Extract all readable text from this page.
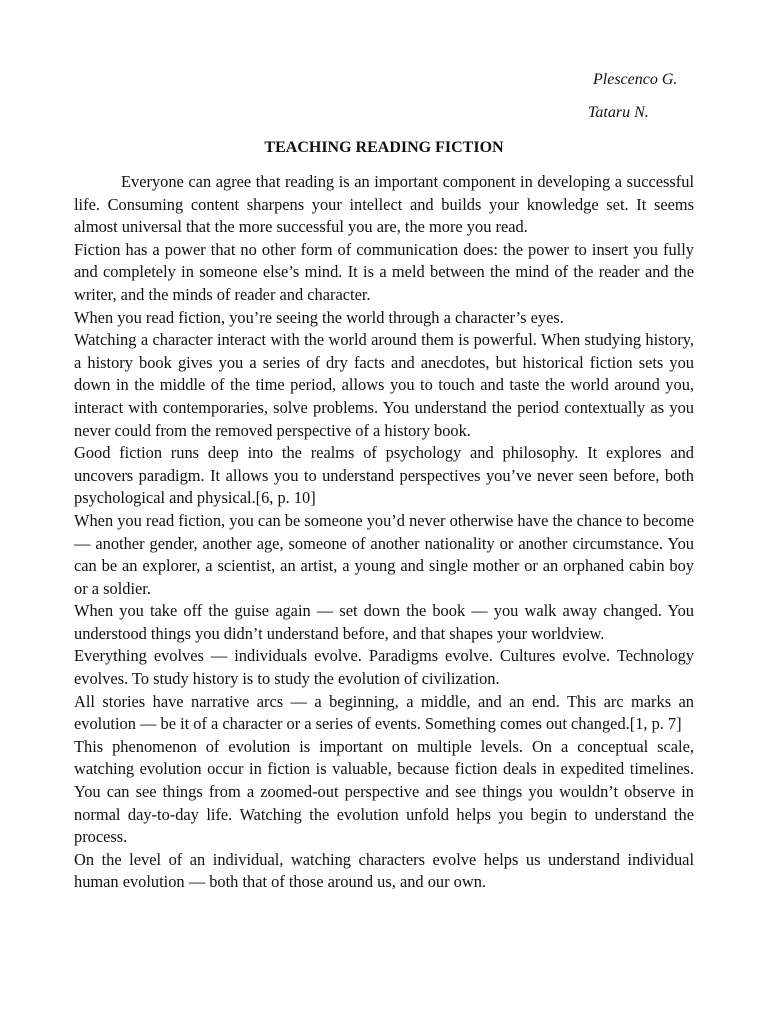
Plescenco G.
Tataru N.
TEACHING READING FICTION

Everyone can agree that reading is an important component in developing a successful life. Consuming content sharpens your intellect and builds your knowledge set. It seems almost universal that the more successful you are, the more you read.

Fiction has a power that no other form of communication does: the power to insert you fully and completely in someone else’s mind. It is a meld between the mind of the reader and the writer, and the minds of reader and character.

When you read fiction, you’re seeing the world through a character’s eyes.

Watching a character interact with the world around them is powerful. When studying history, a history book gives you a series of dry facts and anecdotes, but historical fiction sets you down in the middle of the time period, allows you to touch and taste the world around you, interact with contemporaries, solve problems. You understand the period contextually as you never could from the removed perspective of a history book.

Good fiction runs deep into the realms of psychology and philosophy. It explores and uncovers paradigm. It allows you to understand perspectives you’ve never seen before, both psychological and physical.[6, p. 10]

When you read fiction, you can be someone you’d never otherwise have the chance to become — another gender, another age, someone of another nationality or another circumstance. You can be an explorer, a scientist, an artist, a young and single mother or an orphaned cabin boy or a soldier.

When you take off the guise again — set down the book — you walk away changed. You understood things you didn’t understand before, and that shapes your worldview.

Everything evolves — individuals evolve. Paradigms evolve. Cultures evolve. Technology evolves. To study history is to study the evolution of civilization.

All stories have narrative arcs — a beginning, a middle, and an end. This arc marks an evolution — be it of a character or a series of events. Something comes out changed.[1, p. 7]

This phenomenon of evolution is important on multiple levels. On a conceptual scale, watching evolution occur in fiction is valuable, because fiction deals in expedited timelines. You can see things from a zoomed-out perspective and see things you wouldn’t observe in normal day-to-day life. Watching the evolution unfold helps you begin to understand the process.

On the level of an individual, watching characters evolve helps us understand individual human evolution — both that of those around us, and our own.
